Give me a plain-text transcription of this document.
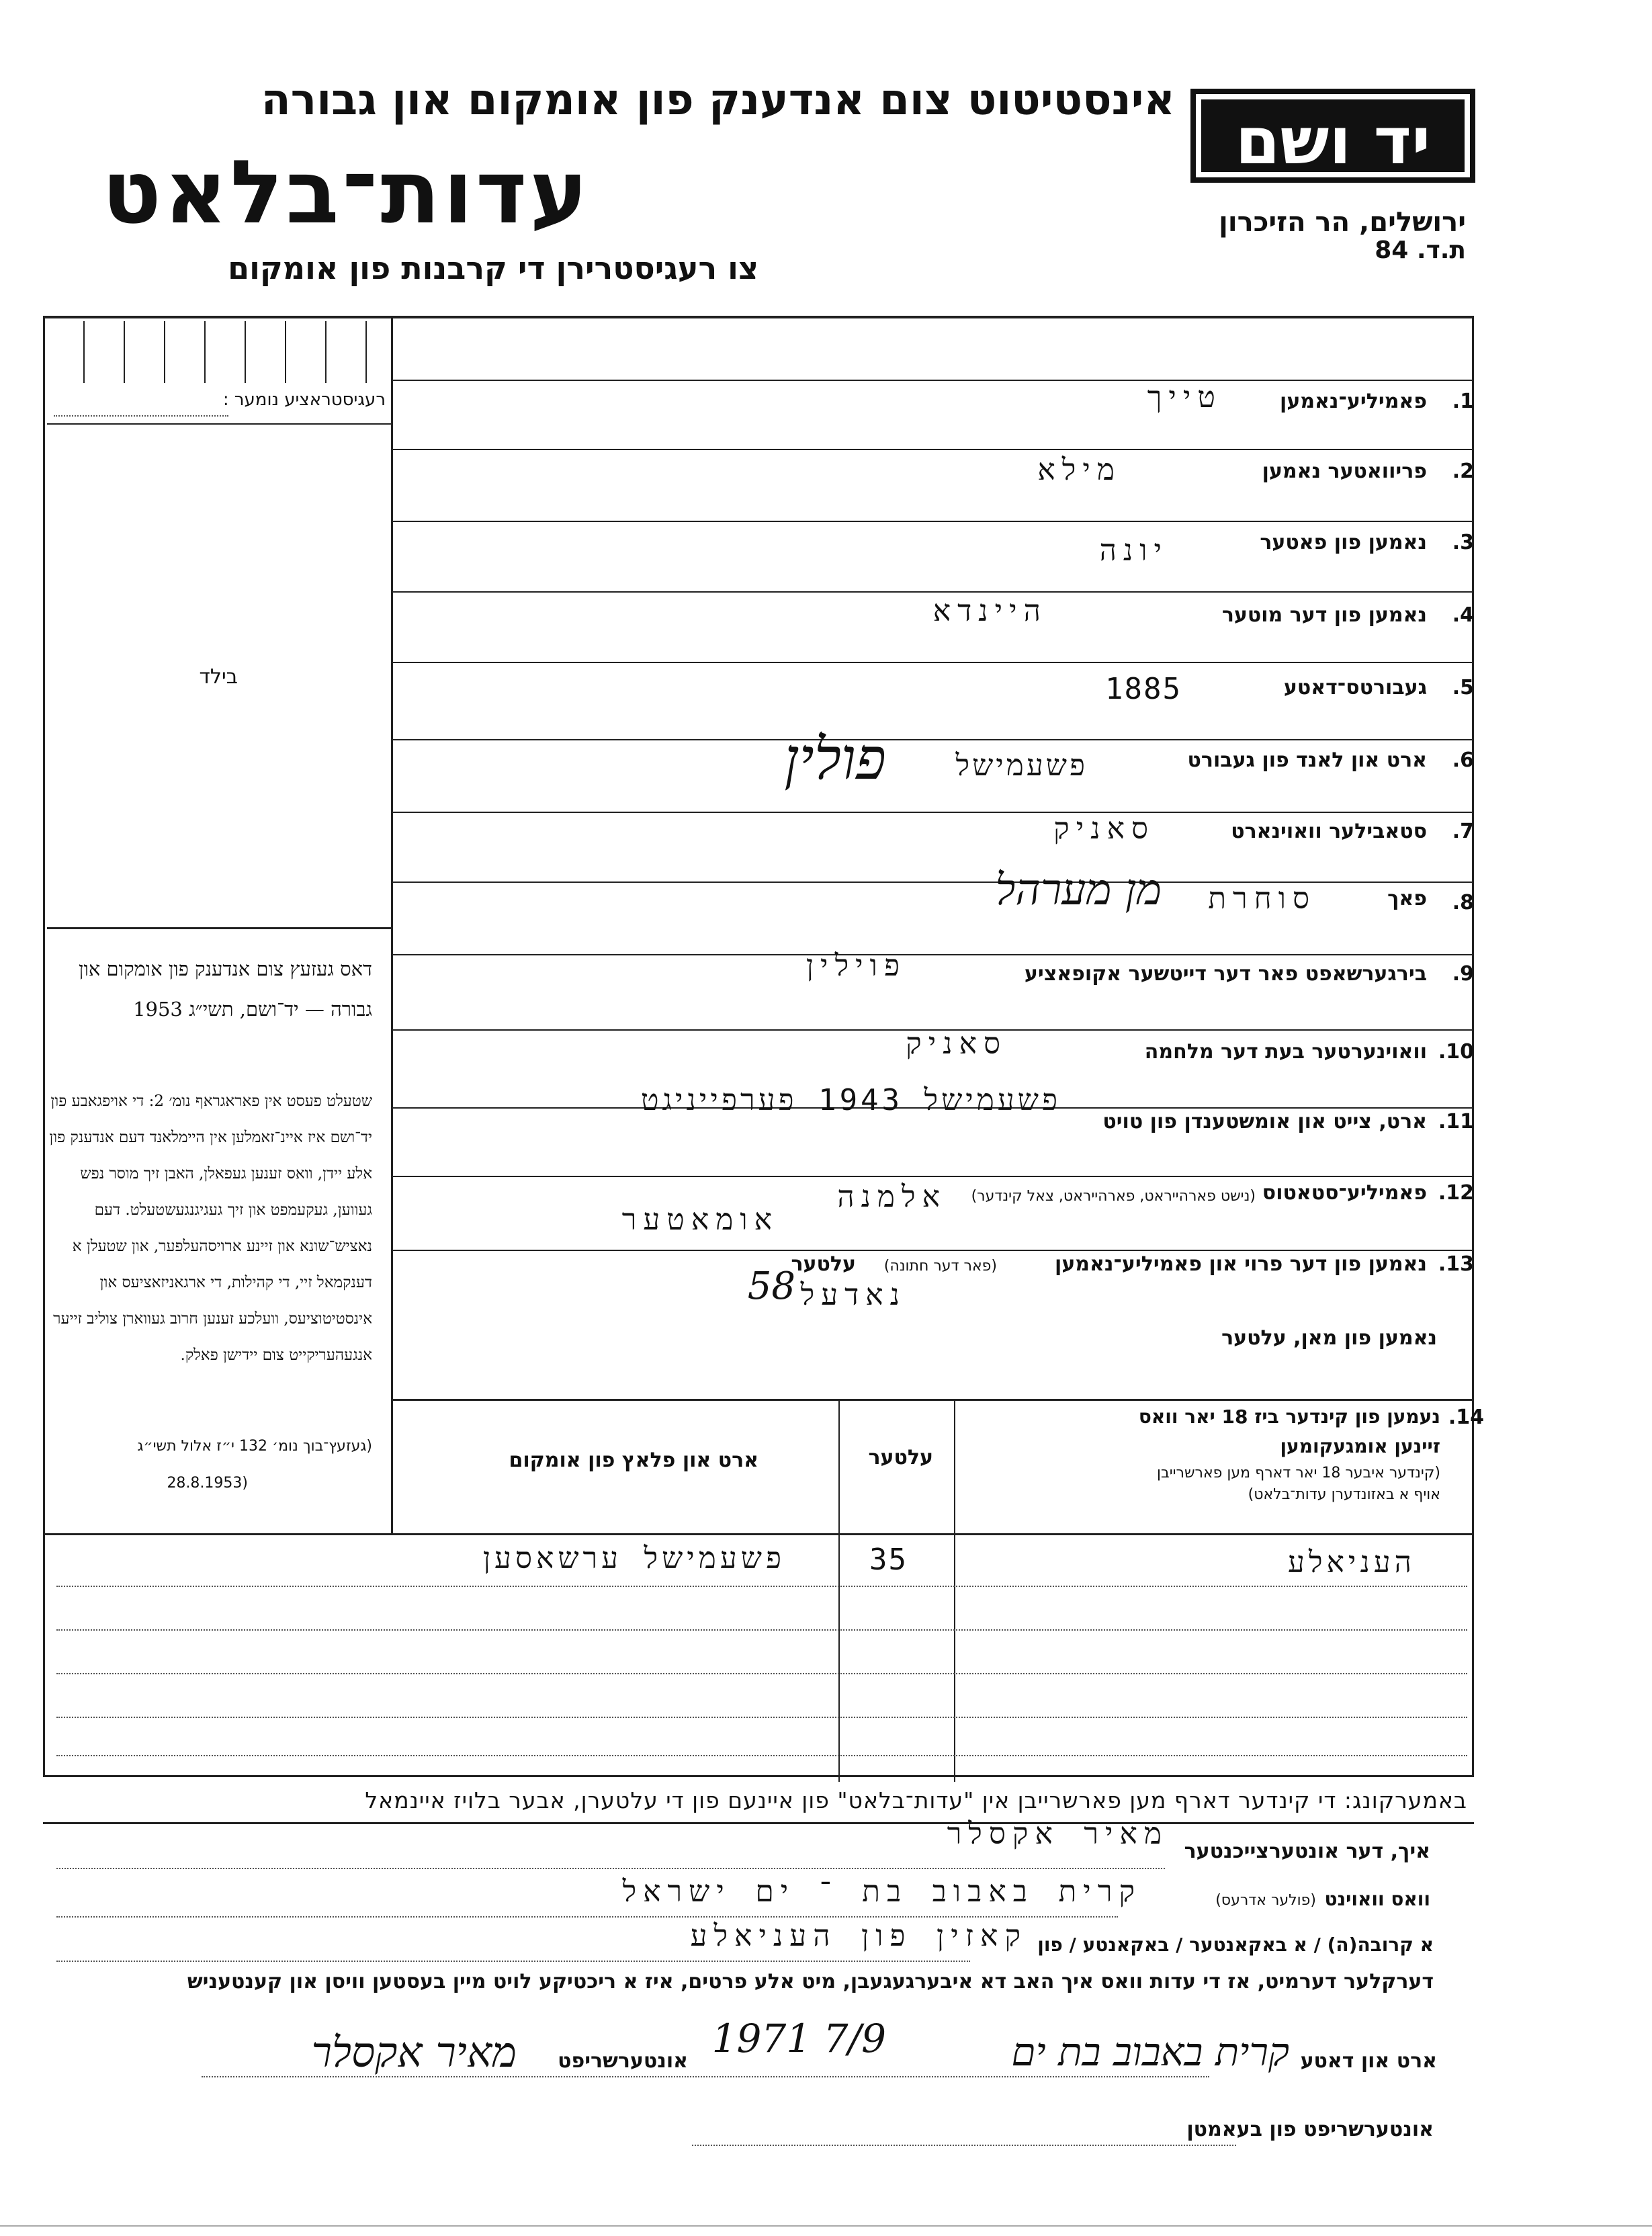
יד ושם
אינסטיטוט צום אנדענק פון אומקום און גבורה
עדות־בלאט
צו רעגיסטרירן די קרבנות פון אומקום
ירושלים, הר הזיכרון
ת.ד. 84
רעגיסטראציע נומער :
בילד
דאס געזעץ צום אנדענק פון אומקום און גבורה — יד־ושם, תשי״ג 1953
שטעלט פעסט אין פאראגראף נומ׳ 2: די אויפגאבע פון יד־ושם איז איינ־זאמלען אין היימלאנד דעם אנדענק פון אלע יידן, וואס זענען געפאלן, האבן זיך מוסר נפש געווען, געקעמפט און זיך געגיגנגעשטעלט. דעם נאציש־שונא און זיינע ארויסהעלפער, און שטעלן א דענקמאל זיי, די קהילות, די ארגאניזאציעס און אינסטיטוציעס, וועלכע זענען חרוב געווארן צוליב זייער אנגעהעריקייט צום יידישן פאלק.
(געזעץ־בוך נומ׳ 132 י״ז אלול תשי״ג
(28.8.1953
1.
פאמיליע־נאמען
טייך
2.
פריוואטער נאמען
מילא
3.
נאמען פון פאטער
יונה
4.
נאמען פון דער מוטער
היינדא
5.
געבורטס־דאטע
1885
6.
ארט און לאנד פון געבורט
פשעמישל
פולין
7.
סטאבילער וואוינארט
סאניק
8.
פאך
סוחרת
מן מערהל
9.
בירגערשאפט פאר דער דייטשער אקופאציע
פוילין
10.
וואוינערטער בעת דער מלחמה
סאניק
11.
ארט, צייט און אומשטענדן פון טויט
פשעמישל 1943 פערפייניגט
12.
פאמיליע־סטאטוס
(נישט פארהייראט, פארהייראט, צאל קינדער)
אלמנה
אומאטער
13.
נאמען פון דער פרוי און פאמיליע־נאמען
(פאר דער חתונה)
עלטער
נאדעל
58
נאמען פון מאן, עלטער
14.
נעמען פון קינדער ביז 18 יאר וואס
זיינען אומגעקומען
(קינדער איבער 18 יאר דארף מען פארשרייבן
אויף א באזונדערן עדות־בלאט)
עלטער
ארט און פלאץ פון אומקום
העניאלע
35
פשעמישל ערשאסען
באמערקונג: די קינדער דארף מען פארשרייבן אין "עדות־בלאט" פון איינעם פון די עלטערן, אבער בלויז איינמאל
איך, דער אונטערצייכנטער
מאיר אקסלר
וואס וואוינט
(פולער אדרעס)
קרית באבוב בת ־ ים ישראל
א קרובה(ה) / א באקאנטער / באקאנטע / פון
קאזין פון העניאלע
דערקלער דערמיט, אז די עדות וואס איך האב דא איבערגעגעבן, מיט אלע פרטים, איז א ריכטיקע לויט מיין בעסטען וויסן און קענטעניש
ארט און דאטע
קרית באבוב בת ים
7/9 1971
אונטערשריפט
מאיר אקסלר
אונטערשריפט פון בעאמטן
